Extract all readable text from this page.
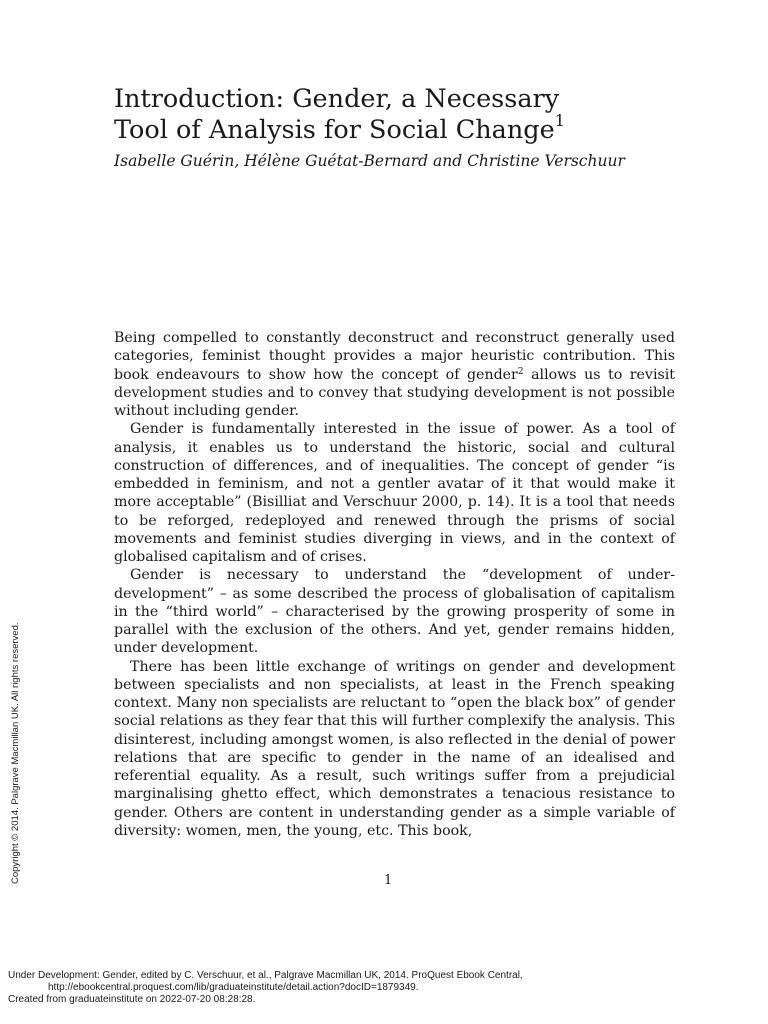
Introduction: Gender, a Necessary
Tool of Analysis for Social Change$^1$
Isabelle Guérin, Hélène Guétat-Bernard and Christine Verschuur

Being compelled to constantly deconstruct and reconstruct generally used categories, feminist thought provides a major heuristic contribution. This book endeavours to show how the concept of gender$^2$ allows us to revisit development studies and to convey that studying development is not possible without including gender.

Gender is fundamentally interested in the issue of power. As a tool of analysis, it enables us to understand the historic, social and cultural construction of differences, and of inequalities. The concept of gender “is embedded in feminism, and not a gentler avatar of it that would make it more acceptable” (Bisilliat and Verschuur 2000, p. 14). It is a tool that needs to be reforged, redeployed and renewed through the prisms of social movements and feminist studies diverging in views, and in the context of globalised capitalism and of crises.

Gender is necessary to understand the “development of under-development” – as some described the process of globalisation of capitalism in the “third world” – characterised by the growing prosperity of some in parallel with the exclusion of the others. And yet, gender remains hidden, under development.

There has been little exchange of writings on gender and development between specialists and non specialists, at least in the French speaking context. Many non specialists are reluctant to “open the black box” of gender social relations as they fear that this will further complexify the analysis. This disinterest, including amongst women, is also reflected in the denial of power relations that are specific to gender in the name of an idealised and referential equality. As a result, such writings suffer from a prejudicial marginalising ghetto effect, which demonstrates a tenacious resistance to gender. Others are content in understanding gender as a simple variable of diversity: women, men, the young, etc. This book,

1
Copyright © 2014. Palgrave Macmillan UK. All rights reserved.
Under Development: Gender, edited by C. Verschuur, et al., Palgrave Macmillan UK, 2014. ProQuest Ebook Central,
http://ebookcentral.proquest.com/lib/graduateinstitute/detail.action?docID=1879349.
Created from graduateinstitute on 2022-07-20 08:28:28.
